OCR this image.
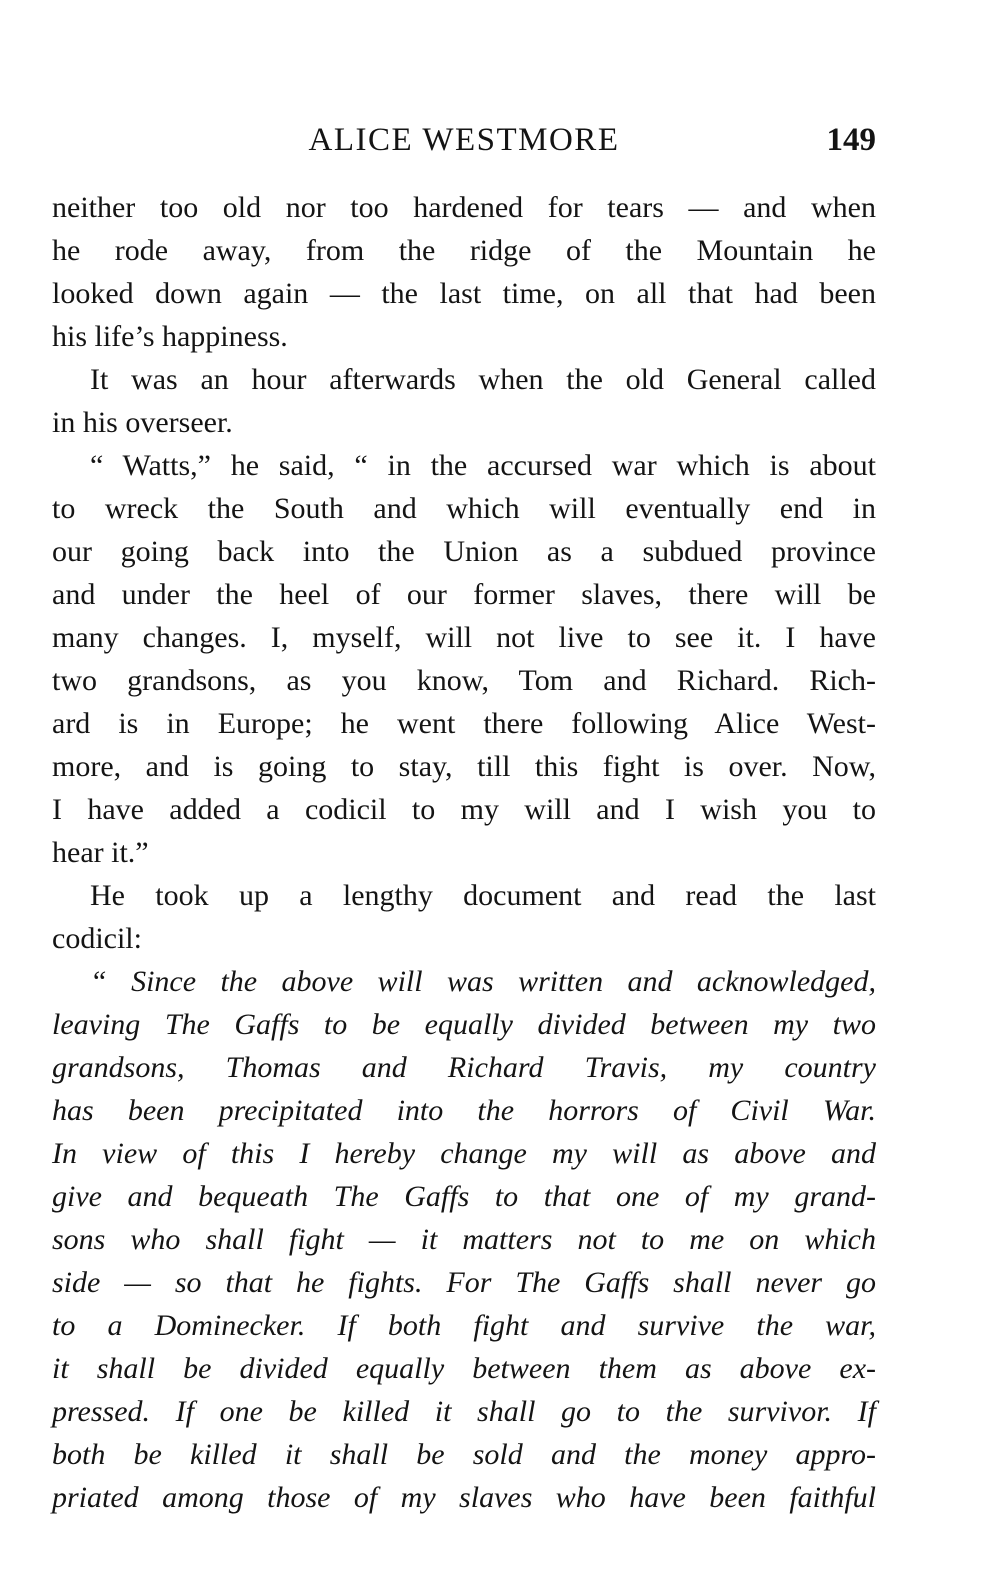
ALICE WESTMORE	149
neither too old nor too hardened for tears — and when
he rode away, from the ridge of the Mountain he
looked down again — the last time, on all that had been
his life’s happiness.
It was an hour afterwards when the old General called
in his overseer.
“ Watts,” he said, “ in the accursed war which is about
to wreck the South and which will eventually end in
our going back into the Union as a subdued province
and under the heel of our former slaves, there will be
many changes. I, myself, will not live to see it. I have
two grandsons, as you know, Tom and Richard. Rich-
ard is in Europe; he went there following Alice West-
more, and is going to stay, till this fight is over. Now,
I have added a codicil to my will and I wish you to
hear it.”
He took up a lengthy document and read the last
codicil:
“ Since the above will was written and acknowledged,
leaving The Gaffs to be equally divided between my two
grandsons, Thomas and Richard Travis, my country
has been precipitated into the horrors of Civil War.
In view of this I hereby change my will as above and
give and bequeath The Gaffs to that one of my grand-
sons who shall fight — it matters not to me on which
side — so that he fights. For The Gaffs shall never go
to a Dominecker. If both fight and survive the war,
it shall be divided equally between them as above ex-
pressed. If one be killed it shall go to the survivor. If
both be killed it shall be sold and the money appro-
priated among those of my slaves who have been faithful
